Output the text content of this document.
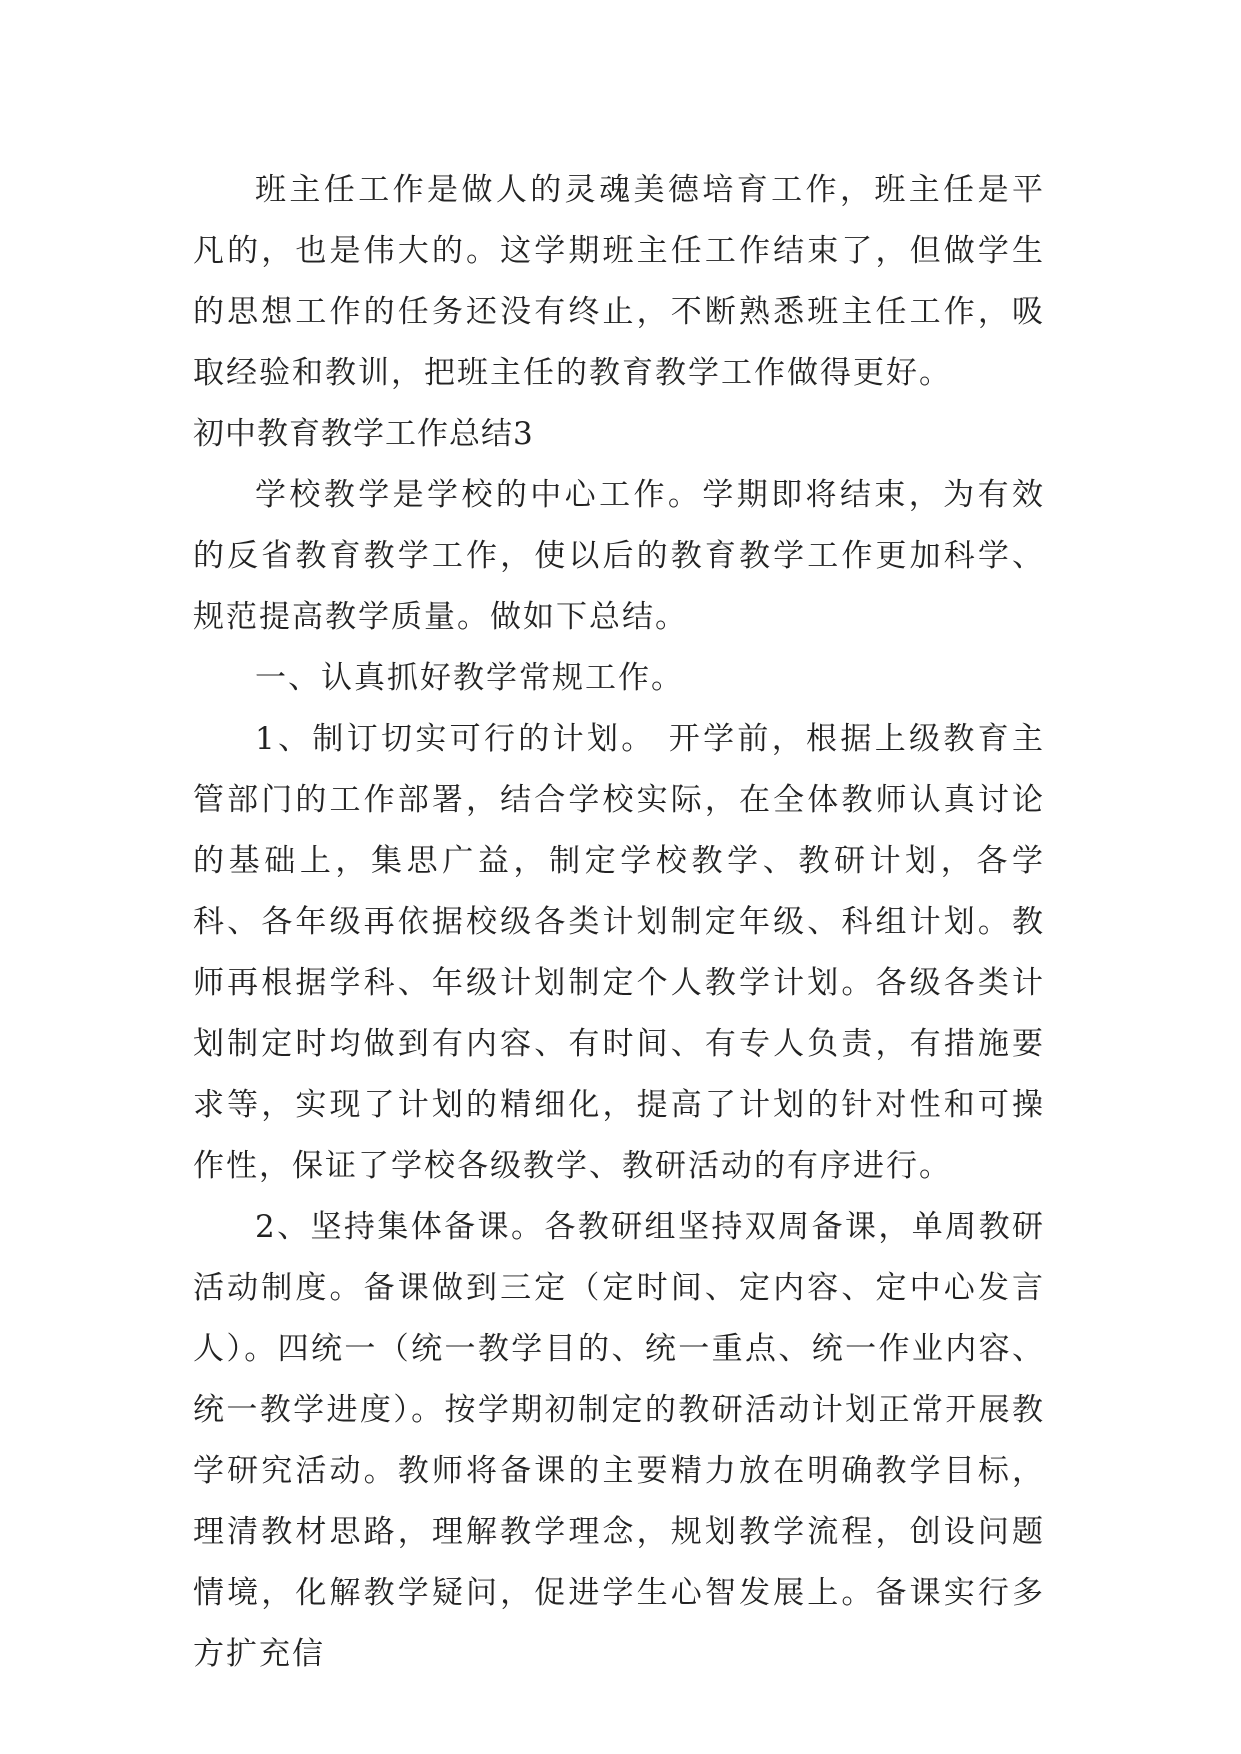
班主任工作是做人的灵魂美德培育工作，班主任是平凡的，也是伟大的。这学期班主任工作结束了，但做学生的思想工作的任务还没有终止，不断熟悉班主任工作，吸取经验和教训，把班主任的教育教学工作做得更好。

初中教育教学工作总结3

学校教学是学校的中心工作。学期即将结束，为有效的反省教育教学工作，使以后的教育教学工作更加科学、规范提高教学质量。做如下总结。

一、认真抓好教学常规工作。

1、制订切实可行的计划。 开学前，根据上级教育主管部门的工作部署，结合学校实际，在全体教师认真讨论的基础上，集思广益，制定学校教学、教研计划，各学科、各年级再依据校级各类计划制定年级、科组计划。教师再根据学科、年级计划制定个人教学计划。各级各类计划制定时均做到有内容、有时间、有专人负责，有措施要求等，实现了计划的精细化，提高了计划的针对性和可操作性，保证了学校各级教学、教研活动的有序进行。

2、坚持集体备课。各教研组坚持双周备课，单周教研活动制度。备课做到三定（定时间、定内容、定中心发言人）。四统一（统一教学目的、统一重点、统一作业内容、统一教学进度）。按学期初制定的教研活动计划正常开展教学研究活动。教师将备课的主要精力放在明确教学目标，理清教材思路，理解教学理念，规划教学流程，创设问题情境，化解教学疑问，促进学生心智发展上。备课实行多方扩充信
